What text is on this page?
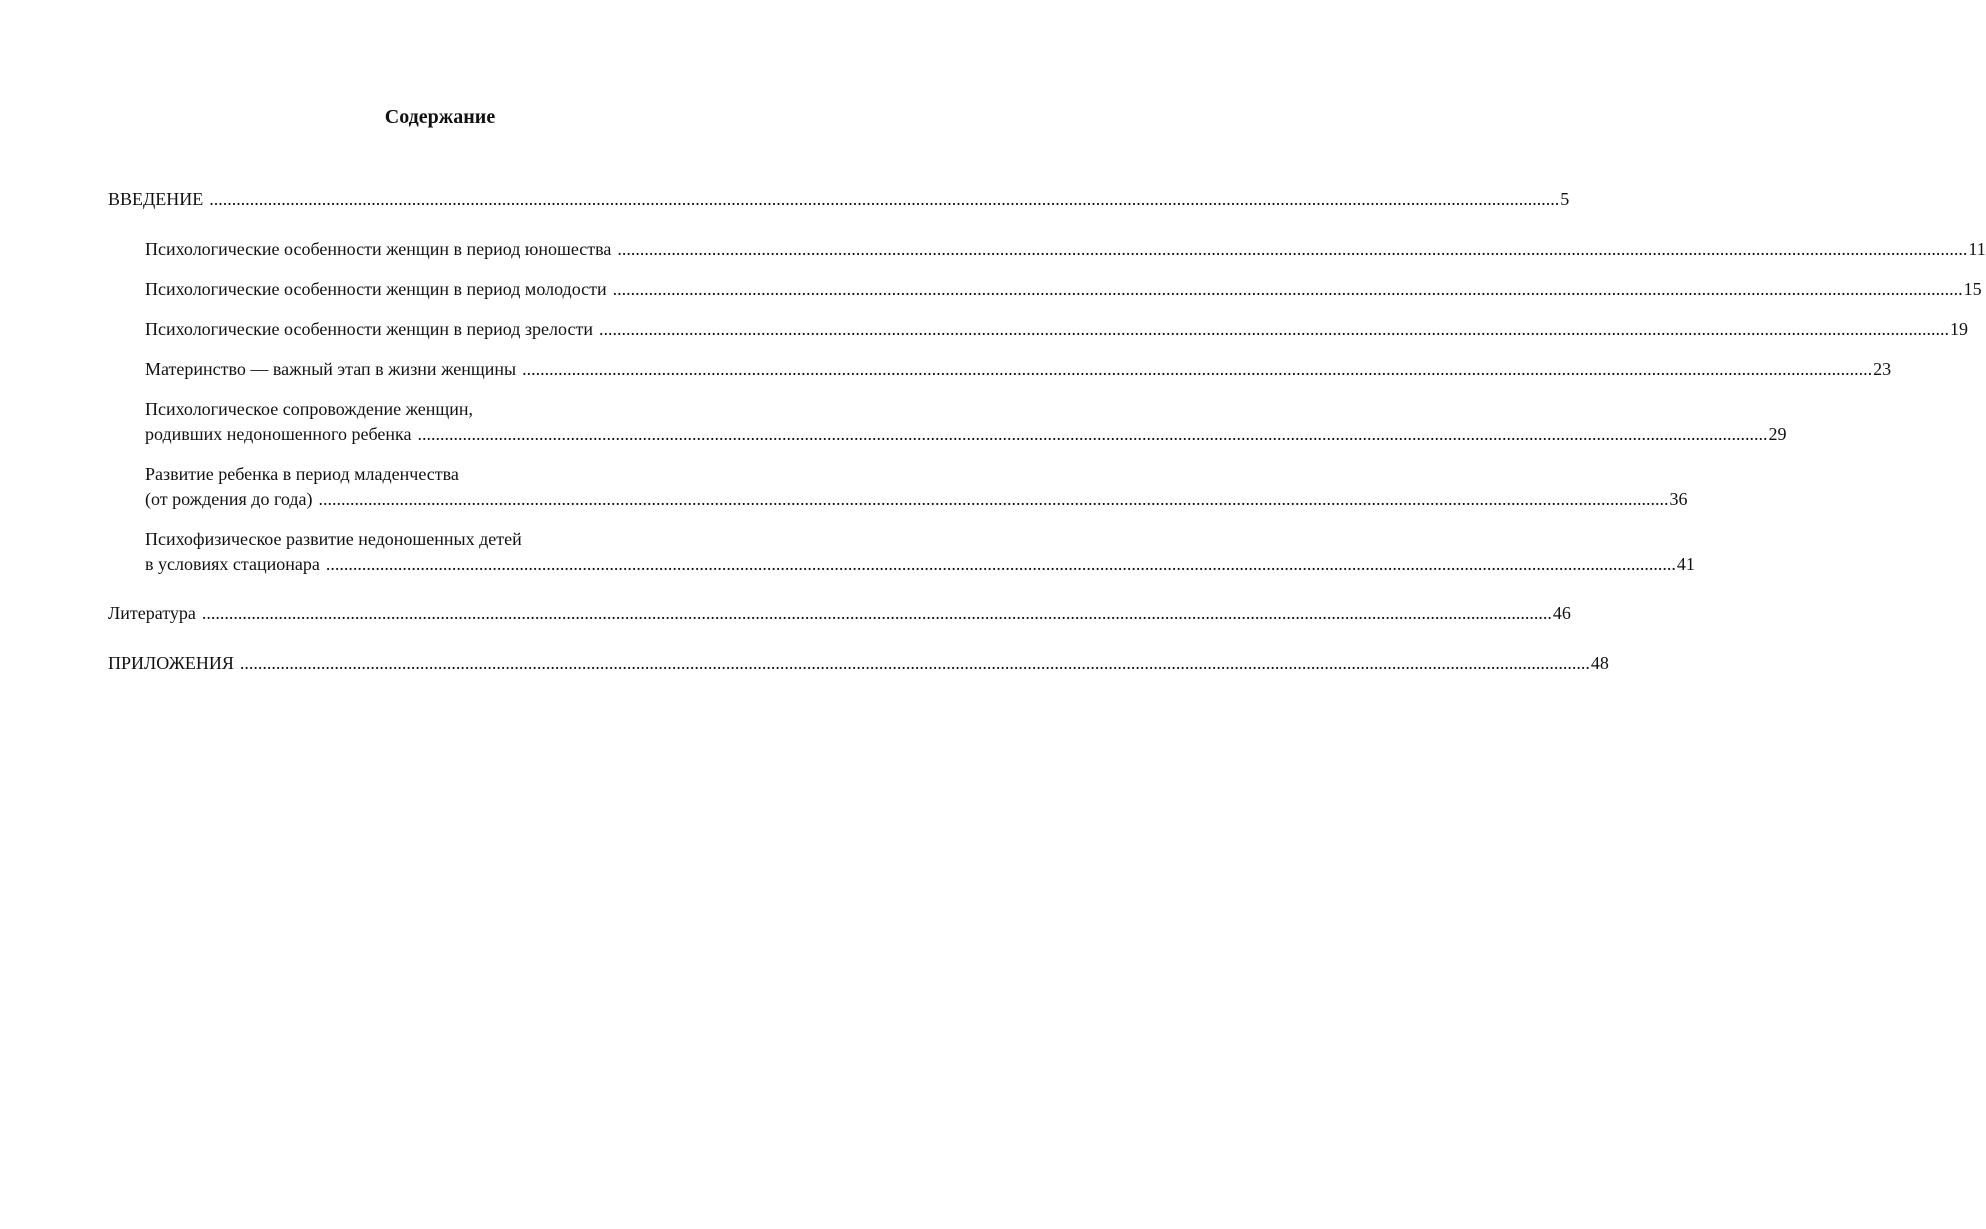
Содержание
ВВЕДЕНИЕ ............................................................................................................................................................................................................................................................................................................ 5
Психологические особенности женщин в период юношества ............................................................................................................................................................................................................................................................................................................ 11
Психологические особенности женщин в период молодости ............................................................................................................................................................................................................................................................................................................ 15
Психологические особенности женщин в период зрелости ............................................................................................................................................................................................................................................................................................................ 19
Материнство — важный этап в жизни женщины ............................................................................................................................................................................................................................................................................................................ 23
Психологическое сопровождение женщин,
родивших недоношенного ребенка ............................................................................................................................................................................................................................................................................................................ 29
Развитие ребенка в период младенчества
(от рождения до года) ............................................................................................................................................................................................................................................................................................................ 36
Психофизическое развитие недоношенных детей
в условиях стационара ............................................................................................................................................................................................................................................................................................................ 41
Литература ............................................................................................................................................................................................................................................................................................................ 46
ПРИЛОЖЕНИЯ ............................................................................................................................................................................................................................................................................................................ 48
